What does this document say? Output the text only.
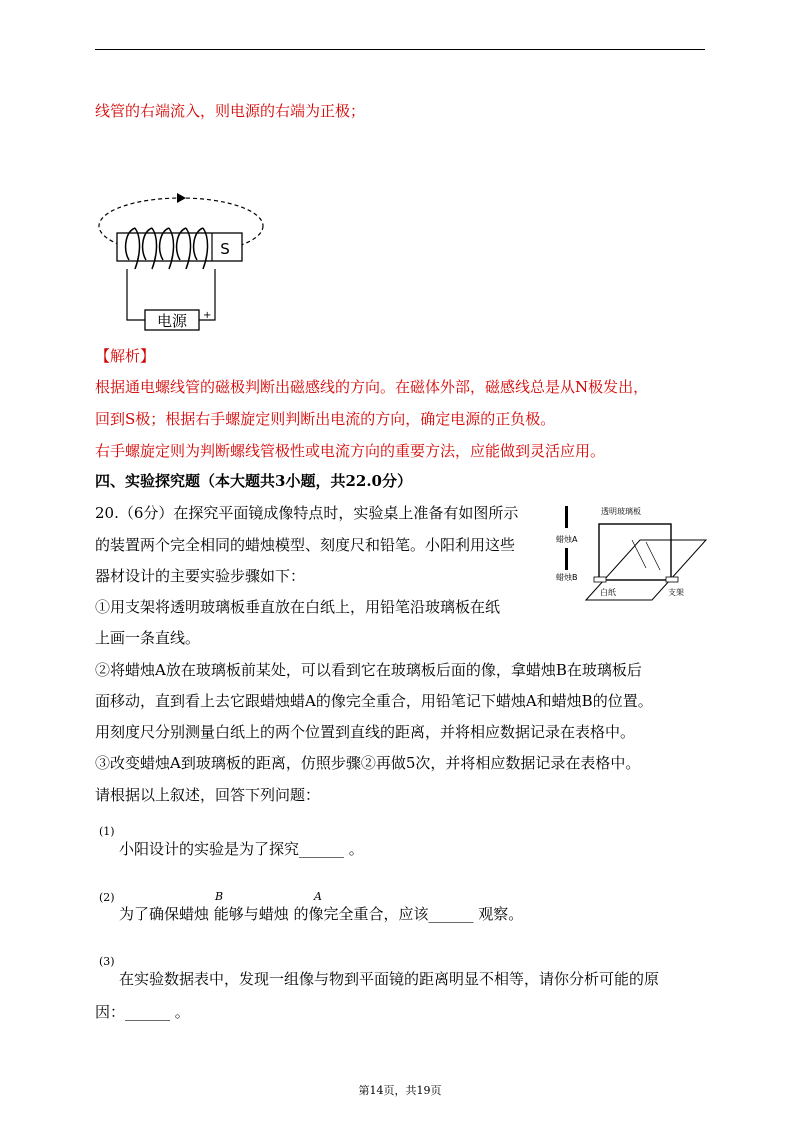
线管的右端流入，则电源的右端为正极；
S
电源 +
【解析】
根据通电螺线管的磁极判断出磁感线的方向。在磁体外部，磁感线总是从N极发出，
回到S极；根据右手螺旋定则判断出电流的方向，确定电源的正负极。
右手螺旋定则为判断螺线管极性或电流方向的重要方法，应能做到灵活应用。
四、实验探究题（本大题共3小题，共22.0分）
20.（6分）在探究平面镜成像特点时，实验桌上准备有如图所示
的装置两个完全相同的蜡烛模型、刻度尺和铅笔。小阳利用这些
器材设计的主要实验步骤如下：
①用支架将透明玻璃板垂直放在白纸上，用铅笔沿玻璃板在纸
上画一条直线。
②将蜡烛A放在玻璃板前某处，可以看到它在玻璃板后面的像，拿蜡烛B在玻璃板后
面移动，直到看上去它跟蜡烛蜡A的像完全重合，用铅笔记下蜡烛A和蜡烛B的位置。
用刻度尺分别测量白纸上的两个位置到直线的距离，并将相应数据记录在表格中。
③改变蜡烛A到玻璃板的距离，仿照步骤②再做5次，并将相应数据记录在表格中。
请根据以上叙述，回答下列问题：
透明玻璃板
蜡烛A
蜡烛B
白纸	支架
(1)
小阳设计的实验是为了探究______ 。
(2)
为了确保蜡烛 能够与蜡烛 的像完全重合，应该______ 观察。
B	A
(3)
在实验数据表中，发现一组像与物到平面镜的距离明显不相等，请你分析可能的原
因：______ 。
第14页，共19页
